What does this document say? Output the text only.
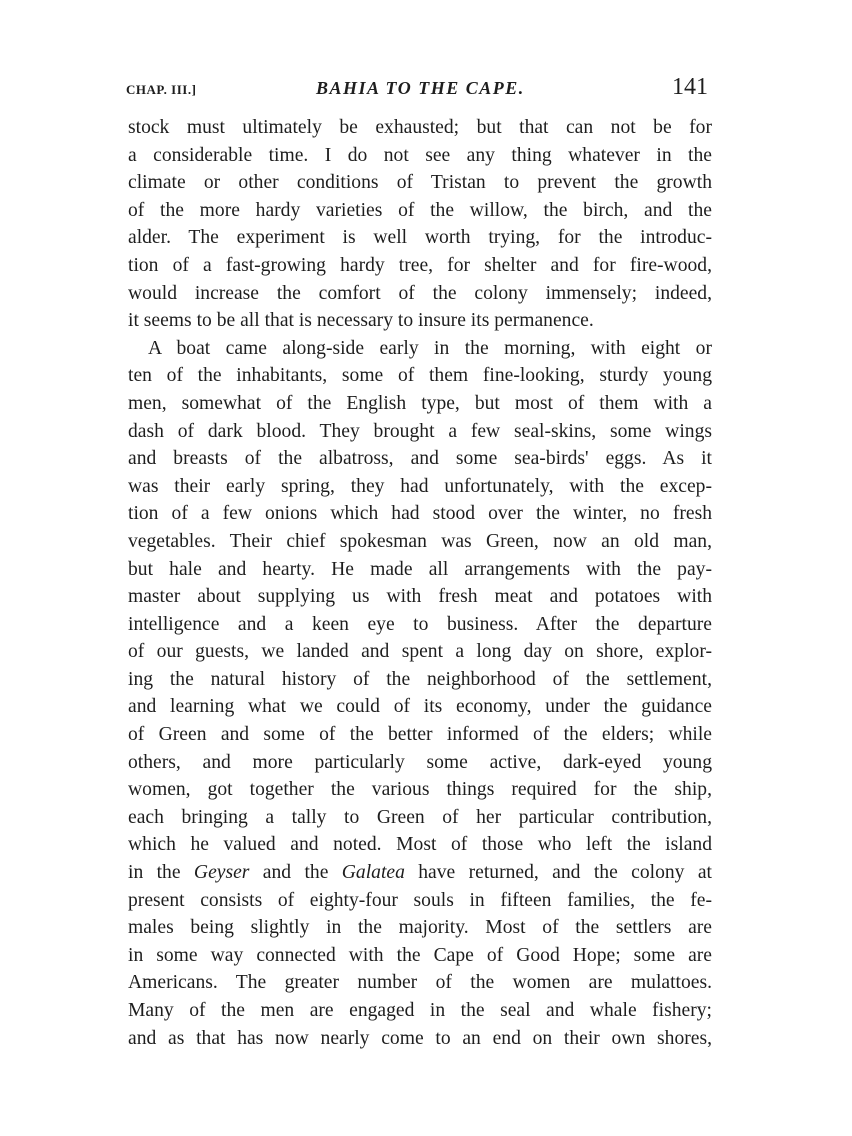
CHAP. III.]	BAHIA TO THE CAPE.	141
stock must ultimately be exhausted; but that can not be for
a considerable time. I do not see any thing whatever in the
climate or other conditions of Tristan to prevent the growth
of the more hardy varieties of the willow, the birch, and the
alder. The experiment is well worth trying, for the introduc-
tion of a fast-growing hardy tree, for shelter and for fire-wood,
would increase the comfort of the colony immensely; indeed,
it seems to be all that is necessary to insure its permanence.
A boat came along-side early in the morning, with eight or
ten of the inhabitants, some of them fine-looking, sturdy young
men, somewhat of the English type, but most of them with a
dash of dark blood. They brought a few seal-skins, some wings
and breasts of the albatross, and some sea-birds' eggs. As it
was their early spring, they had unfortunately, with the excep-
tion of a few onions which had stood over the winter, no fresh
vegetables. Their chief spokesman was Green, now an old man,
but hale and hearty. He made all arrangements with the pay-
master about supplying us with fresh meat and potatoes with
intelligence and a keen eye to business. After the departure
of our guests, we landed and spent a long day on shore, explor-
ing the natural history of the neighborhood of the settlement,
and learning what we could of its economy, under the guidance
of Green and some of the better informed of the elders; while
others, and more particularly some active, dark-eyed young
women, got together the various things required for the ship,
each bringing a tally to Green of her particular contribution,
which he valued and noted. Most of those who left the island
in the Geyser and the Galatea have returned, and the colony at
present consists of eighty-four souls in fifteen families, the fe-
males being slightly in the majority. Most of the settlers are
in some way connected with the Cape of Good Hope; some are
Americans. The greater number of the women are mulattoes.
Many of the men are engaged in the seal and whale fishery;
and as that has now nearly come to an end on their own shores,
